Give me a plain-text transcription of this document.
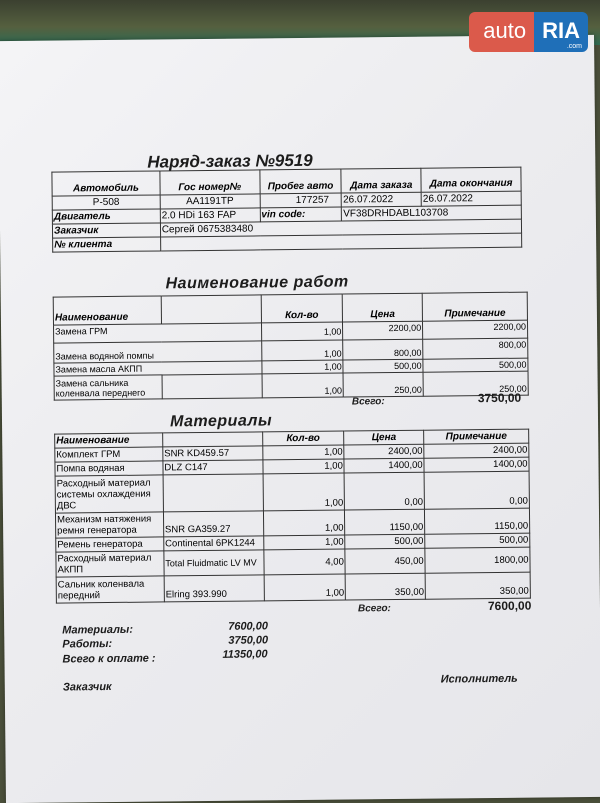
auto RIA
.com
Наряд-заказ №9519
Автомобиль	Гос номер№	Пробег авто	Дата заказа	Дата окончания
P-508	AA1191TP	177257	26.07.2022	26.07.2022
Двигатель	2.0 HDi 163 FAP	vin code:	VF38DRHDABL103708	
Заказчик	Сергей 0675383480			
№ клиента				
Наименование работ
Наименование		Кол-во	Цена	Примечание
Замена ГРМ		1,00	2200,00	2200,00
Замена водяной помпы		1,00	800,00	800,00
Замена масла АКПП		1,00	500,00	500,00
Замена сальника коленвала переднего		1,00	250,00	250,00
Всего:	3750,00
Материалы
Наименование		Кол-во	Цена	Примечание
Комплект ГРМ	SNR KD459.57	1,00	2400,00	2400,00
Помпа водяная	DLZ C147	1,00	1400,00	1400,00
Расходный материал системы охлаждения ДВС		1,00	0,00	0,00
Механизм натяжения ремня генератора	SNR GA359.27	1,00	1150,00	1150,00
Ремень генератора	Continental 6PK1244	1,00	500,00	500,00
Расходный материал АКПП	Total Fluidmatic LV MV	4,00	450,00	1800,00
Сальник коленвала передний	Elring 393.990	1,00	350,00	350,00
Всего:	7600,00
Материалы:	7600,00
Работы:	3750,00
Всего к оплате :	11350,00
Заказчик
Исполнитель
